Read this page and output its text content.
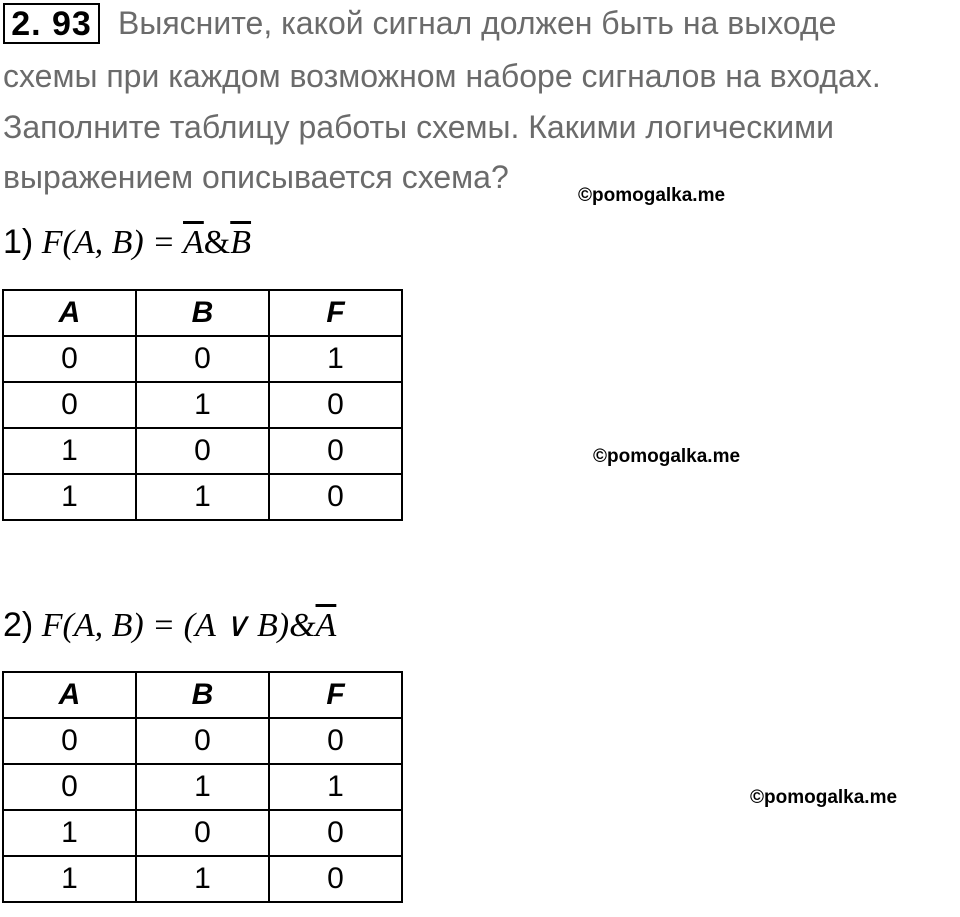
2. 93 Выясните, какой сигнал должен быть на выходе
схемы при каждом возможном наборе сигналов на входах.
Заполните таблицу работы схемы. Какими логическими
выражением описывается схема?
©pomogalka.me
1) F(A, $B) = \overline{A}\&\overline{B}$
A	B	F
0	0	1
0	1	0
1	0	0
1	1	0
©pomogalka.me
2) F(A, B) = (A ∨ $B)\&\overline{A}$
A	B	F
0	0	0
0	1	1
1	0	0
1	1	0
©pomogalka.me
